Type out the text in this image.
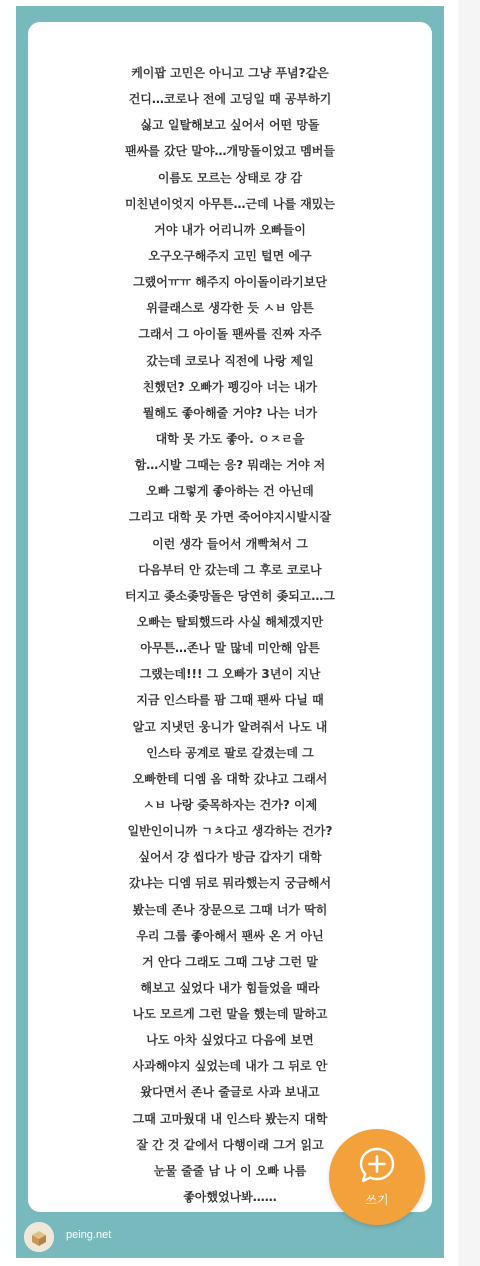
케이팝 고민은 아니고 그냥 푸념?같은
건디…코로나 전에 고딩일 때 공부하기
싫고 일탈해보고 싶어서 어떤 망돌
팬싸를 갔단 말야…개망돌이었고 멤버들
이름도 모르는 상태로 걍 감
미친년이엇지 아무튼…근데 나를 재밌는
거야 내가 어리니까 오빠들이
오구오구해주지 고민 털면 에구
그랬어ㅠㅠ 해주지 아이돌이라기보단
위클래스로 생각한 듯 ㅅㅂ 암튼
그래서 그 아이돌 팬싸를 진짜 자주
갔는데 코로나 직전에 나랑 제일
친했던? 오빠가 펭깅아 너는 내가
뭘해도 좋아해줄 거야? 나는 너가
대학 못 가도 좋아. ㅇㅈㄹ을
함…시발 그때는 응? 뭐래는 거야 저
오빠 그렇게 좋아하는 건 아닌데
그리고 대학 못 가면 죽어야지시발시잘
이런 생각 들어서 개빡쳐서 그
다음부터 안 갔는데 그 후로 코로나
터지고 좆소좆망돌은 당연히 좆되고…그
오빠는 탈퇴했드라 사실 해체겠지만
아무튼…존나 말 많네 미안해 암튼
그랬는데!!! 그 오빠가 3년이 지난
지금 인스타를 팜 그때 팬싸 다닐 때
알고 지냇던 웅니가 알려줘서 나도 내
인스타 공계로 팔로 갈겼는데 그
오빠한테 디엠 옴 대학 갔냐고 그래서
ㅅㅂ 나랑 줒목하자는 건가? 이제
일반인이니까 ㄱㅊ다고 생각하는 건가?
싶어서 걍 씹다가 방금 갑자기 대학
갔냐는 디엠 뒤로 뭐라했는지 궁금해서
봤는데 존나 장문으로 그때 너가 딱히
우리 그룹 좋아해서 팬싸 온 거 아닌
거 안다 그래도 그때 그냥 그런 말
해보고 싶었다 내가 힘들었을 때라
나도 모르게 그런 말을 했는데 말하고
나도 아차 싶었다고 다음에 보면
사과해야지 싶었는데 내가 그 뒤로 안
왔다면서 존나 줄글로 사과 보내고
그때 고마웠대 내 인스타 봤는지 대학
잘 간 것 같에서 다행이래 그거 읽고
눈물 줄줄 남 나 이 오빠 나름
좋아했었나봐……	쓰기
peing.net
